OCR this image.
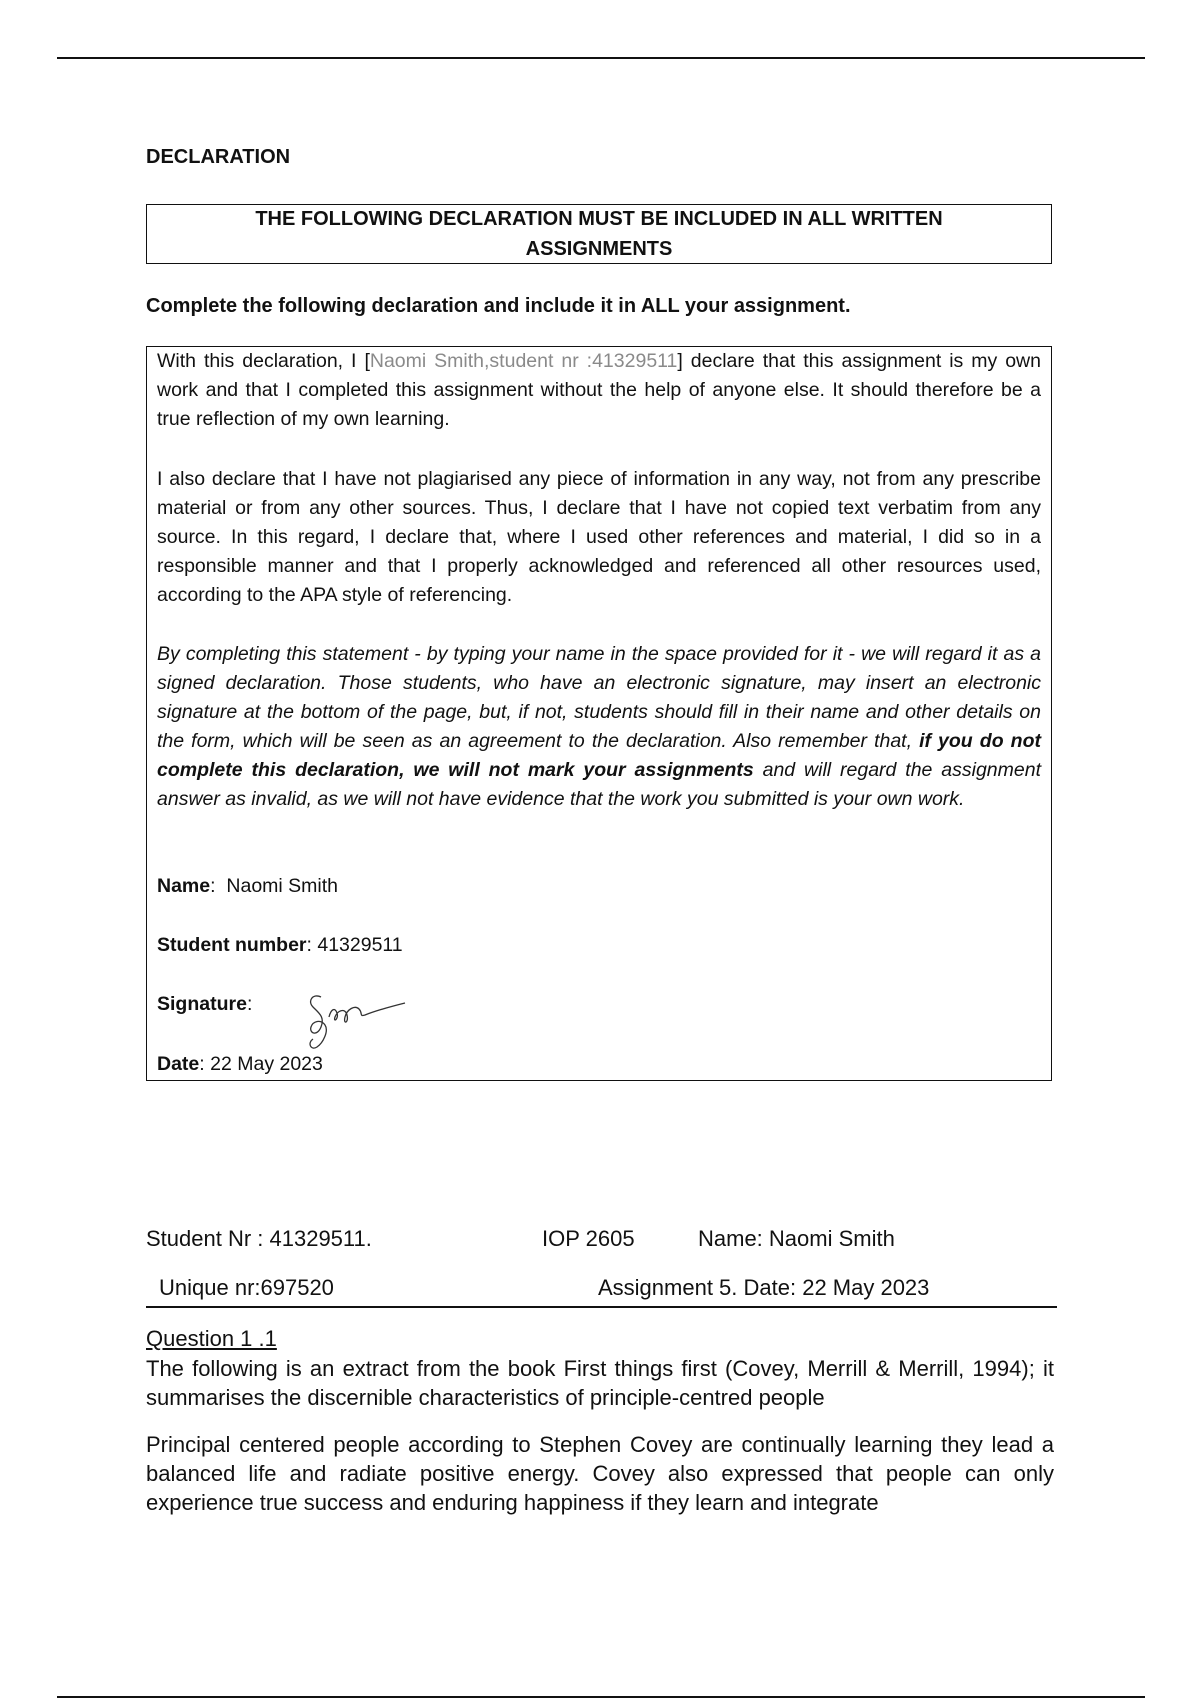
DECLARATION
THE FOLLOWING DECLARATION MUST BE INCLUDED IN ALL WRITTEN ASSIGNMENTS
Complete the following declaration and include it in ALL your assignment.

With this declaration, I [Naomi Smith,student nr :41329511] declare that this assignment is my own work and that I completed this assignment without the help of anyone else. It should therefore be a true reflection of my own learning.

I also declare that I have not plagiarised any piece of information in any way, not from any prescribe material or from any other sources. Thus, I declare that I have not copied text verbatim from any source. In this regard, I declare that, where I used other references and material, I did so in a responsible manner and that I properly acknowledged and referenced all other resources used, according to the APA style of referencing.

By completing this statement - by typing your name in the space provided for it - we will regard it as a signed declaration. Those students, who have an electronic signature, may insert an electronic signature at the bottom of the page, but, if not, students should fill in their name and other details on the form, which will be seen as an agreement to the declaration. Also remember that, if you do not complete this declaration, we will not mark your assignments and will regard the assignment answer as invalid, as we will not have evidence that the work you submitted is your own work.

Name:  Naomi Smith
Student number: 41329511
Signature:
Date: 22 May 2023
Student Nr : 41329511.	IOP 2605	Name: Naomi Smith
Unique nr:697520	Assignment 5. Date: 22 May 2023
Question 1 .1

The following is an extract from the book First things first (Covey, Merrill & Merrill, 1994); it summarises the discernible characteristics of principle-centred people

Principal centered people according to Stephen Covey are continually learning they lead a balanced life and radiate positive energy. Covey also expressed that people can only experience true success and enduring happiness if they learn and integrate
